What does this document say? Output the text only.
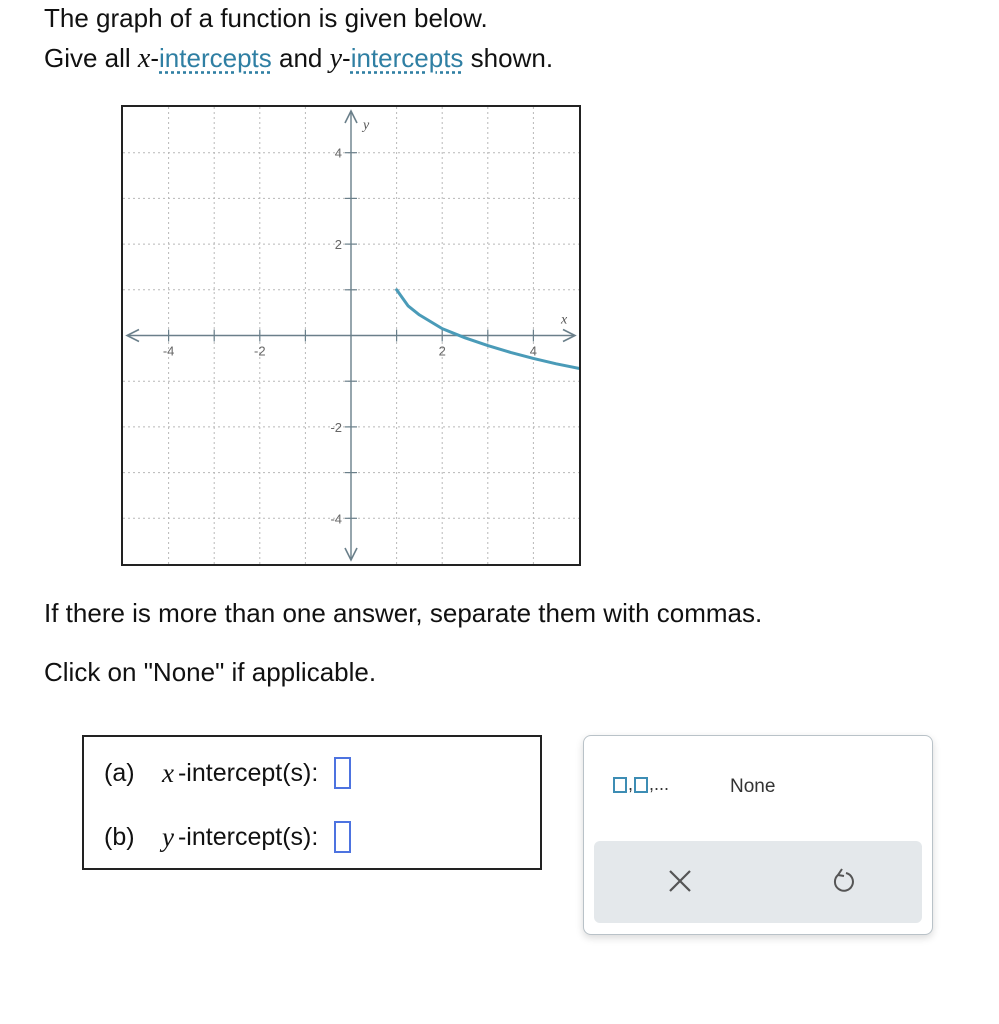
The graph of a function is given below.
Give all x-intercepts and y-intercepts shown.
x
y
-4	-2	2	4
4
2
-2
-4
If there is more than one answer, separate them with commas.
Click on "None" if applicable.
(a)	x -intercept(s):
(b)	y -intercept(s):
, ,...	None
